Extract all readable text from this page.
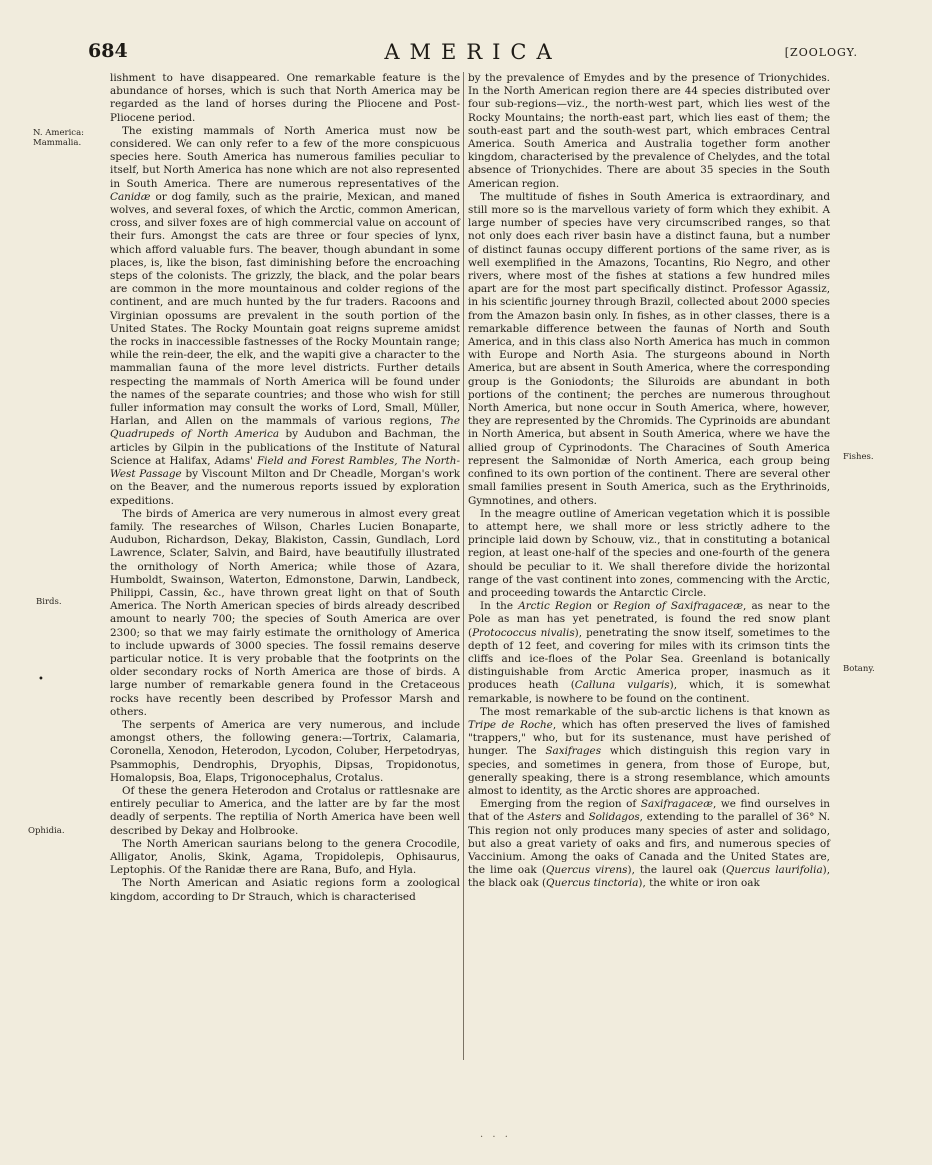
684	AMERICA	[ZOOLOGY.
N. America: Mammalia.
Birds.
Ophidia.
Fishes.
Botany.
•

lishment to have disappeared. One remarkable feature is the abundance of horses, which is such that North America may be regarded as the land of horses during the Pliocene and Post-Pliocene period.

The existing mammals of North America must now be considered. We can only refer to a few of the more conspicuous species here. South America has numerous families peculiar to itself, but North America has none which are not also represented in South America. There are numerous representatives of the Canidæ or dog family, such as the prairie, Mexican, and maned wolves, and several foxes, of which the Arctic, common American, cross, and silver foxes are of high commercial value on account of their furs. Amongst the cats are three or four species of lynx, which afford valuable furs. The beaver, though abundant in some places, is, like the bison, fast diminishing before the encroaching steps of the colonists. The grizzly, the black, and the polar bears are common in the more mountainous and colder regions of the continent, and are much hunted by the fur traders. Racoons and Virginian opossums are prevalent in the south portion of the United States. The Rocky Mountain goat reigns supreme amidst the rocks in inaccessible fastnesses of the Rocky Mountain range; while the rein-deer, the elk, and the wapiti give a character to the mammalian fauna of the more level districts. Further details respecting the mammals of North America will be found under the names of the separate countries; and those who wish for still fuller information may consult the works of Lord, Small, Müller, Harlan, and Allen on the mammals of various regions, The Quadrupeds of North America by Audubon and Bachman, the articles by Gilpin in the publications of the Institute of Natural Science at Halifax, Adams' Field and Forest Rambles, The North-West Passage by Viscount Milton and Dr Cheadle, Morgan's work on the Beaver, and the numerous reports issued by exploration expeditions.

The birds of America are very numerous in almost every great family. The researches of Wilson, Charles Lucien Bonaparte, Audubon, Richardson, Dekay, Blakiston, Cassin, Gundlach, Lord Lawrence, Sclater, Salvin, and Baird, have beautifully illustrated the ornithology of North America; while those of Azara, Humboldt, Swainson, Waterton, Edmonstone, Darwin, Landbeck, Philippi, Cassin, &c., have thrown great light on that of South America. The North American species of birds already described amount to nearly 700; the species of South America are over 2300; so that we may fairly estimate the ornithology of America to include upwards of 3000 species. The fossil remains deserve particular notice. It is very probable that the footprints on the older secondary rocks of North America are those of birds. A large number of remarkable genera found in the Cretaceous rocks have recently been described by Professor Marsh and others.

The serpents of America are very numerous, and include amongst others, the following genera:—Tortrix, Calamaria, Coronella, Xenodon, Heterodon, Lycodon, Coluber, Herpetodryas, Psammophis, Dendrophis, Dryophis, Dipsas, Tropidonotus, Homalopsis, Boa, Elaps, Trigonocephalus, Crotalus.

Of these the genera Heterodon and Crotalus or rattlesnake are entirely peculiar to America, and the latter are by far the most deadly of serpents. The reptilia of North America have been well described by Dekay and Holbrooke.

The North American saurians belong to the genera Crocodile, Alligator, Anolis, Skink, Agama, Tropidolepis, Ophisaurus, Leptophis. Of the Ranidæ there are Rana, Bufo, and Hyla.

The North American and Asiatic regions form a zoological kingdom, according to Dr Strauch, which is characterised

by the prevalence of Emydes and by the presence of Trionychides. In the North American region there are 44 species distributed over four sub-regions—viz., the north-west part, which lies west of the Rocky Mountains; the north-east part, which lies east of them; the south-east part and the south-west part, which embraces Central America. South America and Australia together form another kingdom, characterised by the prevalence of Chelydes, and the total absence of Trionychides. There are about 35 species in the South American region.

The multitude of fishes in South America is extraordinary, and still more so is the marvellous variety of form which they exhibit. A large number of species have very circumscribed ranges, so that not only does each river basin have a distinct fauna, but a number of distinct faunas occupy different portions of the same river, as is well exemplified in the Amazons, Tocantins, Rio Negro, and other rivers, where most of the fishes at stations a few hundred miles apart are for the most part specifically distinct. Professor Agassiz, in his scientific journey through Brazil, collected about 2000 species from the Amazon basin only. In fishes, as in other classes, there is a remarkable difference between the faunas of North and South America, and in this class also North America has much in common with Europe and North Asia. The sturgeons abound in North America, but are absent in South America, where the corresponding group is the Goniodonts; the Siluroids are abundant in both portions of the continent; the perches are numerous throughout North America, but none occur in South America, where, however, they are represented by the Chromids. The Cyprinoids are abundant in North America, but absent in South America, where we have the allied group of Cyprinodonts. The Characines of South America represent the Salmonidæ of North America, each group being confined to its own portion of the continent. There are several other small families present in South America, such as the Erythrinoids, Gymnotines, and others.

In the meagre outline of American vegetation which it is possible to attempt here, we shall more or less strictly adhere to the principle laid down by Schouw, viz., that in constituting a botanical region, at least one-half of the species and one-fourth of the genera should be peculiar to it. We shall therefore divide the horizontal range of the vast continent into zones, commencing with the Arctic, and proceeding towards the Antarctic Circle.

In the Arctic Region or Region of Saxifragaceæ, as near to the Pole as man has yet penetrated, is found the red snow plant (Protococcus nivalis), penetrating the snow itself, sometimes to the depth of 12 feet, and covering for miles with its crimson tints the cliffs and ice-floes of the Polar Sea. Greenland is botanically distinguishable from Arctic America proper, inasmuch as it produces heath (Calluna vulgaris), which, it is somewhat remarkable, is nowhere to be found on the continent.

The most remarkable of the sub-arctic lichens is that known as Tripe de Roche, which has often preserved the lives of famished "trappers," who, but for its sustenance, must have perished of hunger. The Saxifrages which distinguish this region vary in species, and sometimes in genera, from those of Europe, but, generally speaking, there is a strong resemblance, which amounts almost to identity, as the Arctic shores are approached.

Emerging from the region of Saxifragaceæ, we find ourselves in that of the Asters and Solidagos, extending to the parallel of 36° N. This region not only produces many species of aster and solidago, but also a great variety of oaks and firs, and numerous species of Vaccinium. Among the oaks of Canada and the United States are, the lime oak (Quercus virens), the laurel oak (Quercus laurifolia), the black oak (Quercus tinctoria), the white or iron oak

· · ·
